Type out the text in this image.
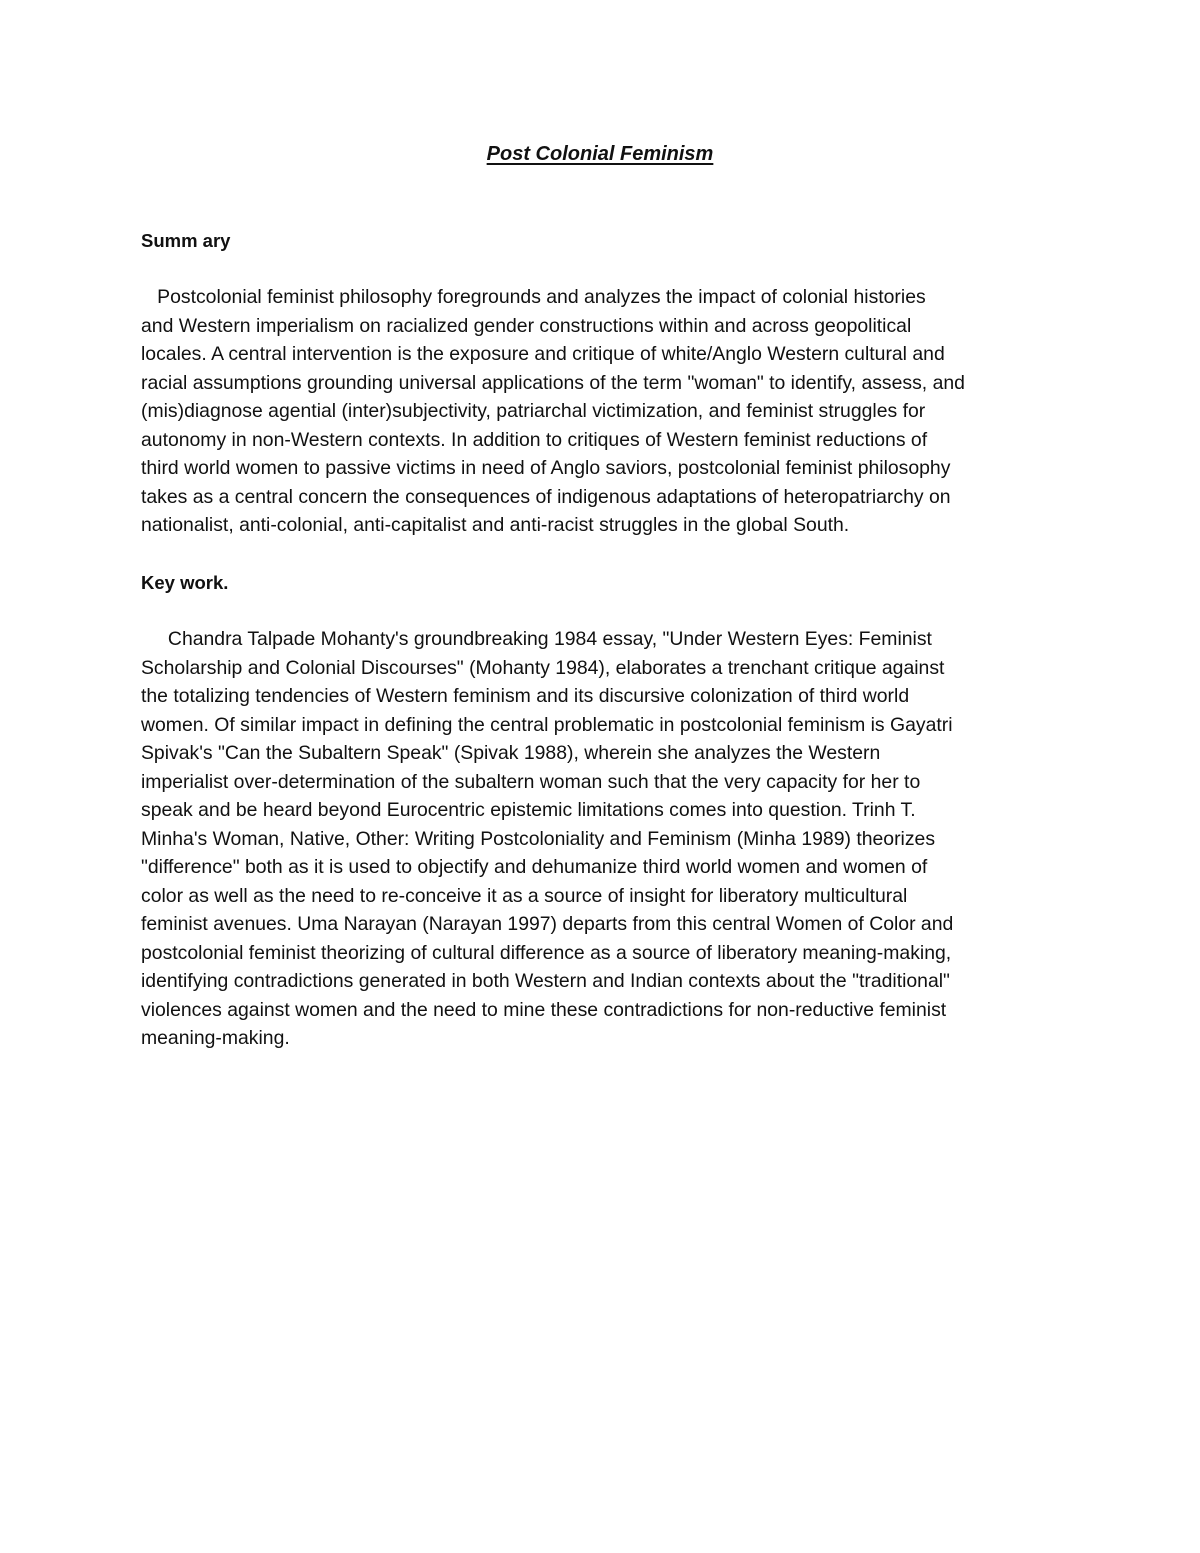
Post Colonial Feminism
Summ ary
Postcolonial feminist philosophy foregrounds and analyzes the impact of colonial histories
and Western imperialism on racialized gender constructions within and across geopolitical
locales. A central intervention is the exposure and critique of white/Anglo Western cultural and
racial assumptions grounding universal applications of the term "woman" to identify, assess, and
(mis)diagnose agential (inter)subjectivity, patriarchal victimization, and feminist struggles for
autonomy in non-Western contexts. In addition to critiques of Western feminist reductions of
third world women to passive victims in need of Anglo saviors, postcolonial feminist philosophy
takes as a central concern the consequences of indigenous adaptations of heteropatriarchy on
nationalist, anti-colonial, anti-capitalist and anti-racist struggles in the global South.
Key work.
Chandra Talpade Mohanty's groundbreaking 1984 essay, "Under Western Eyes: Feminist
Scholarship and Colonial Discourses" (Mohanty 1984), elaborates a trenchant critique against
the totalizing tendencies of Western feminism and its discursive colonization of third world
women. Of similar impact in defining the central problematic in postcolonial feminism is Gayatri
Spivak's "Can the Subaltern Speak" (Spivak 1988), wherein she analyzes the Western
imperialist over-determination of the subaltern woman such that the very capacity for her to
speak and be heard beyond Eurocentric epistemic limitations comes into question. Trinh T.
Minha's Woman, Native, Other: Writing Postcoloniality and Feminism (Minha 1989) theorizes
"difference" both as it is used to objectify and dehumanize third world women and women of
color as well as the need to re-conceive it as a source of insight for liberatory multicultural
feminist avenues. Uma Narayan (Narayan 1997) departs from this central Women of Color and
postcolonial feminist theorizing of cultural difference as a source of liberatory meaning-making,
identifying contradictions generated in both Western and Indian contexts about the "traditional"
violences against women and the need to mine these contradictions for non-reductive feminist
meaning-making.
